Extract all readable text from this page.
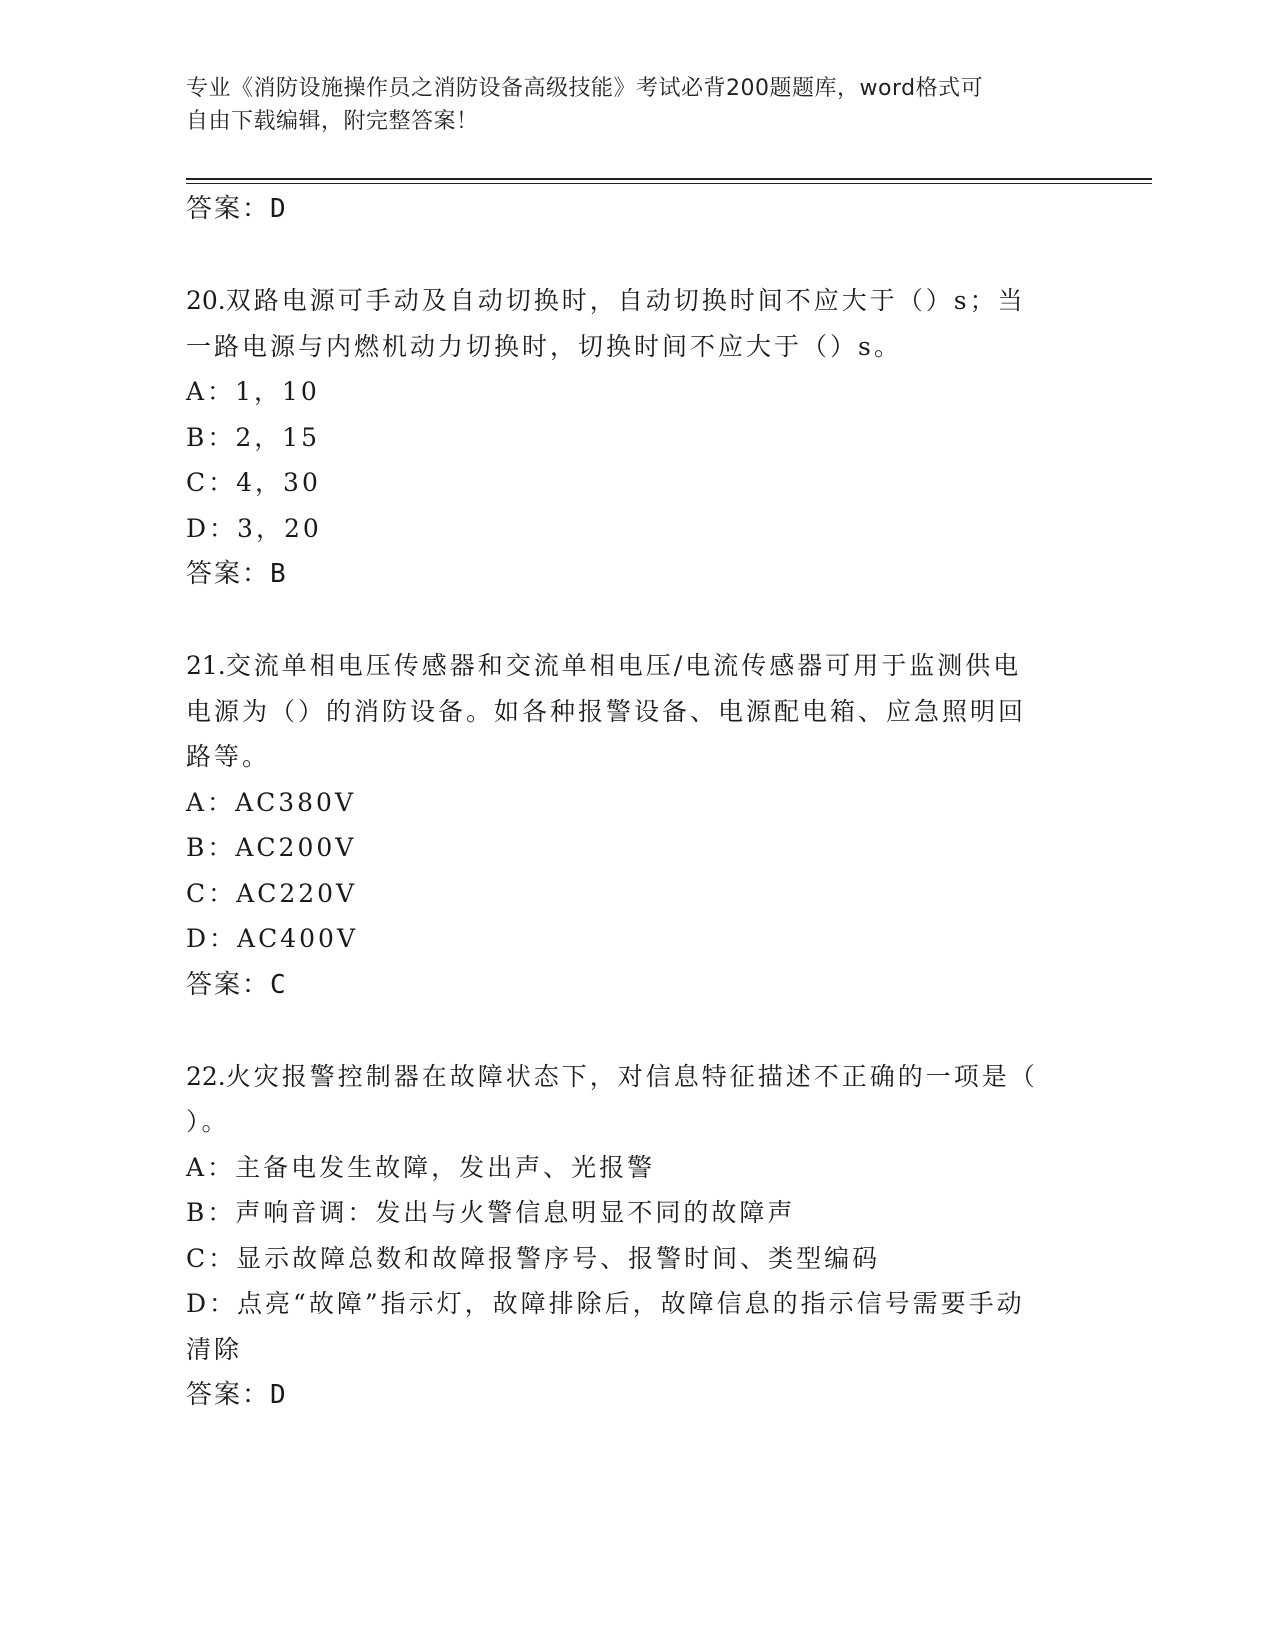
专业《消防设施操作员之消防设备高级技能》考试必背200题题库，word格式可
自由下载编辑，附完整答案！
答案：D
20.双路电源可手动及自动切换时，自动切换时间不应大于（）s；当
一路电源与内燃机动力切换时，切换时间不应大于（）s。
A：1，10
B：2，15
C：4，30
D：3，20
答案：B
21.交流单相电压传感器和交流单相电压/电流传感器可用于监测供电
电源为（）的消防设备。如各种报警设备、电源配电箱、应急照明回
路等。
A：AC380V
B：AC200V
C：AC220V
D：AC400V
答案：C
22.火灾报警控制器在故障状态下，对信息特征描述不正确的一项是（
）。
A：主备电发生故障，发出声、光报警
B：声响音调：发出与火警信息明显不同的故障声
C：显示故障总数和故障报警序号、报警时间、类型编码
D：点亮“故障”指示灯，故障排除后，故障信息的指示信号需要手动
清除
答案：D
